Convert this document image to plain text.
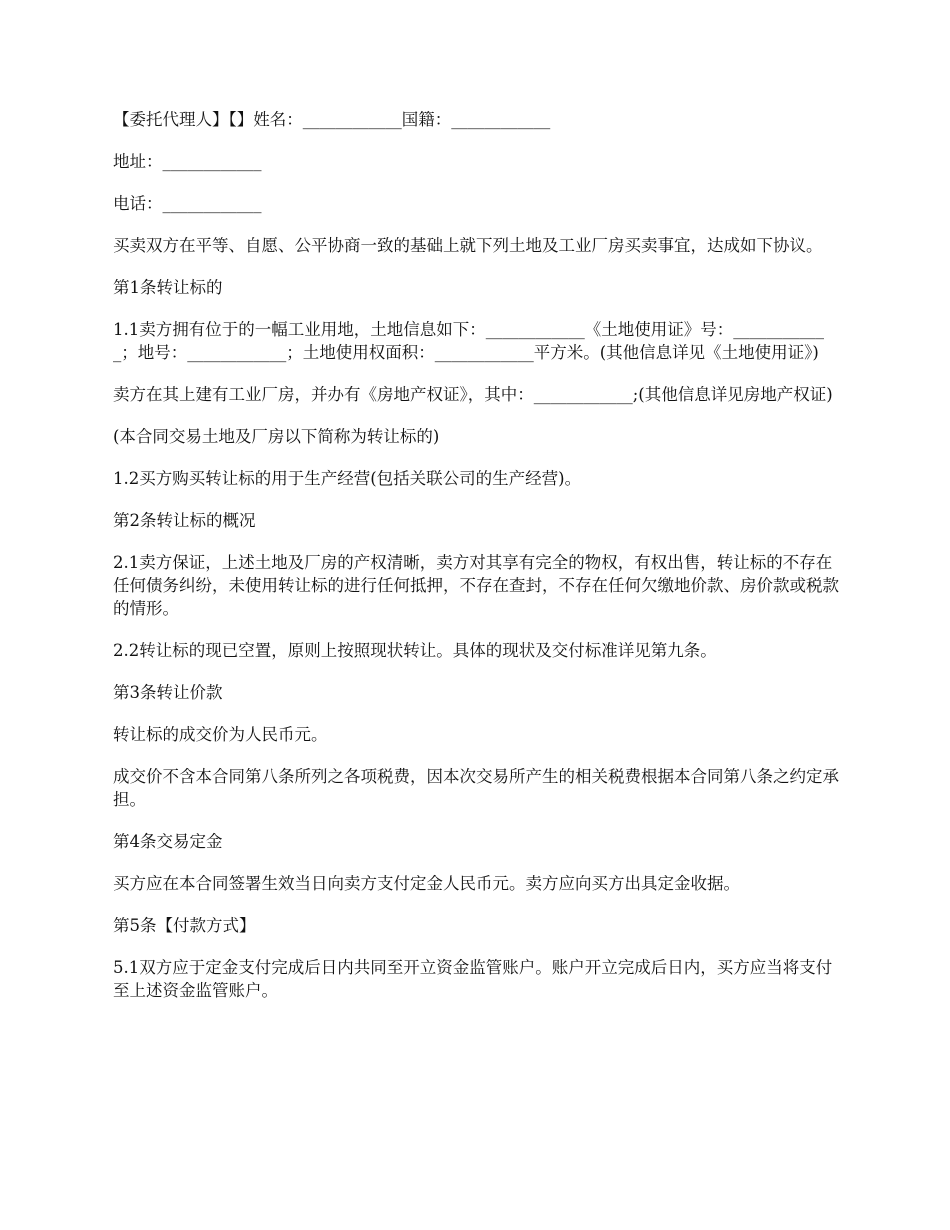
【委托代理人】【】姓名：____________国籍：____________

地址：____________

电话：____________

买卖双方在平等、自愿、公平协商一致的基础上就下列土地及工业厂房买卖事宜，达成如下协议。

第1条转让标的

1.1卖方拥有位于的一幅工业用地，土地信息如下：____________《土地使用证》号：____________；地号：____________；土地使用权面积：____________平方米。(其他信息详见《土地使用证》)

卖方在其上建有工业厂房，并办有《房地产权证》，其中：____________;(其他信息详见房地产权证)

(本合同交易土地及厂房以下简称为转让标的)

1.2买方购买转让标的用于生产经营(包括关联公司的生产经营)。

第2条转让标的概况

2.1卖方保证，上述土地及厂房的产权清晰，卖方对其享有完全的物权，有权出售，转让标的不存在任何债务纠纷，未使用转让标的进行任何抵押，不存在查封，不存在任何欠缴地价款、房价款或税款的情形。

2.2转让标的现已空置，原则上按照现状转让。具体的现状及交付标准详见第九条。

第3条转让价款

转让标的成交价为人民币元。

成交价不含本合同第八条所列之各项税费，因本次交易所产生的相关税费根据本合同第八条之约定承担。

第4条交易定金

买方应在本合同签署生效当日向卖方支付定金人民币元。卖方应向买方出具定金收据。

第5条【付款方式】

5.1双方应于定金支付完成后日内共同至开立资金监管账户。账户开立完成后日内，买方应当将支付至上述资金监管账户。
